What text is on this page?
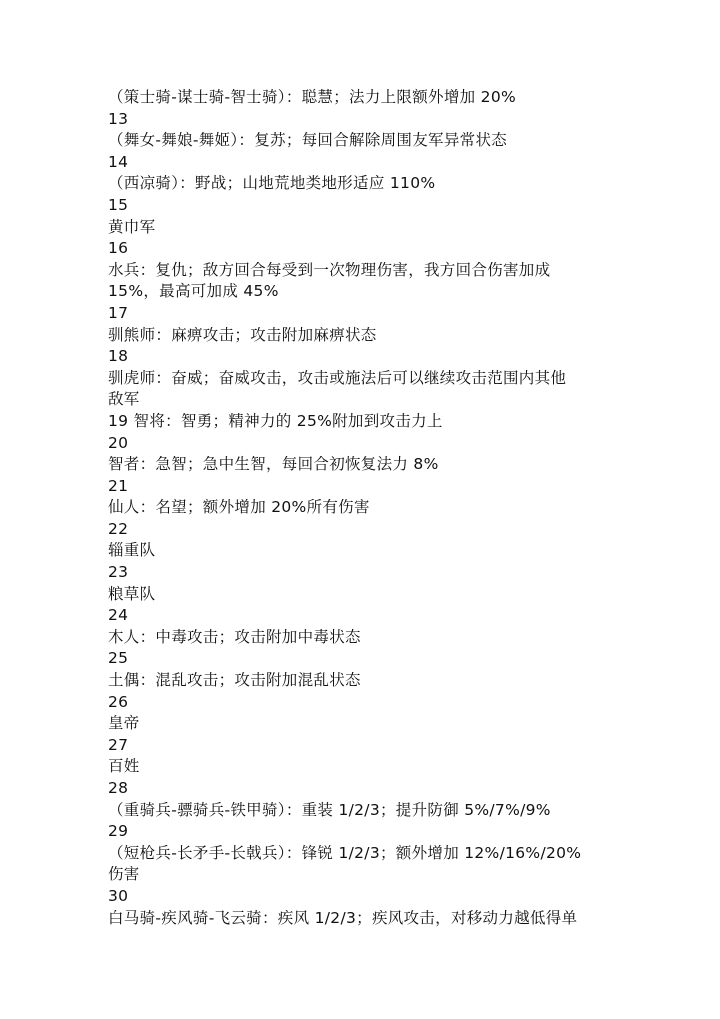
（策士骑-谋士骑-智士骑）：聪慧；法力上限额外增加 20%
13
（舞女-舞娘-舞姬）：复苏；每回合解除周围友军异常状态
14
（西凉骑）：野战；山地荒地类地形适应 110%
15
黄巾军
16
水兵：复仇；敌方回合每受到一次物理伤害，我方回合伤害加成
15%，最高可加成 45%
17
驯熊师：麻痹攻击；攻击附加麻痹状态
18
驯虎师：奋威；奋威攻击，攻击或施法后可以继续攻击范围内其他
敌军
19 智将：智勇；精神力的 25%附加到攻击力上
20
智者：急智；急中生智，每回合初恢复法力 8%
21
仙人：名望；额外增加 20%所有伤害
22
辎重队
23
粮草队
24
木人：中毒攻击；攻击附加中毒状态
25
土偶：混乱攻击；攻击附加混乱状态
26
皇帝
27
百姓
28
（重骑兵-骠骑兵-铁甲骑）：重装 1/2/3；提升防御 5%/7%/9%
29
（短枪兵-长矛手-长戟兵）：锋锐 1/2/3；额外增加 12%/16%/20%
伤害
30
白马骑-疾风骑-飞云骑：疾风 1/2/3；疾风攻击，对移动力越低得单
